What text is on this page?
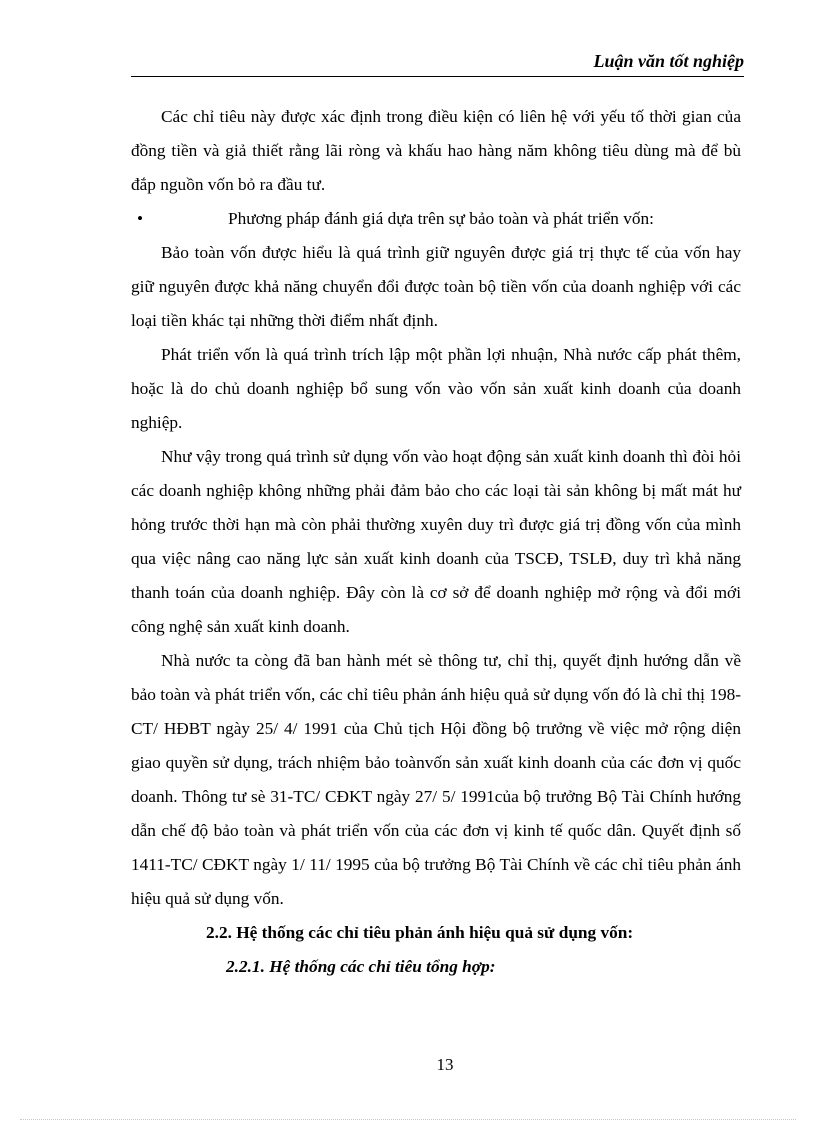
Luận văn tốt nghiệp

Các chỉ tiêu này được xác định trong điều kiện có liên hệ với yếu tố thời gian của đồng tiền và giả thiết rằng lãi ròng và khấu hao hàng năm không tiêu dùng mà để bù đắp nguồn vốn bỏ ra đầu tư.

•	Phương pháp đánh giá dựa trên sự bảo toàn và phát triển vốn:

Bảo toàn vốn được hiểu là quá trình giữ nguyên được giá trị thực tế của vốn hay giữ nguyên được khả năng chuyển đổi được toàn bộ tiền vốn của doanh nghiệp với các loại tiền khác tại những thời điểm nhất định.

Phát triển vốn là quá trình trích lập một phần lợi nhuận, Nhà nước cấp phát thêm, hoặc là do chủ doanh nghiệp bổ sung vốn vào vốn sản xuất kinh doanh của doanh nghiệp.

Như vậy trong quá trình sử dụng vốn vào hoạt động sản xuất kinh doanh thì đòi hỏi các doanh nghiệp không những phải đảm bảo cho các loại tài sản không bị mất mát hư hỏng trước thời hạn mà còn phải thường xuyên duy trì được giá trị đồng vốn của mình qua việc nâng cao năng lực sản xuất kinh doanh của TSCĐ, TSLĐ, duy trì khả năng thanh toán của doanh nghiệp. Đây còn là cơ sở để doanh nghiệp mở rộng và đổi mới công nghệ sản xuất kinh doanh.

Nhà nước ta còng đã ban hành mét sè thông tư, chỉ thị, quyết định hướng dẫn về bảo toàn và phát triển vốn, các chỉ tiêu phản ánh hiệu quả sử dụng vốn đó là chỉ thị 198- CT/ HĐBT ngày 25/ 4/ 1991 của Chủ tịch Hội đồng bộ trưởng về việc mở rộng diện giao quyền sử dụng, trách nhiệm bảo toànvốn sản xuất kinh doanh của các đơn vị quốc doanh. Thông tư sè 31-TC/ CĐKT ngày 27/ 5/ 1991của bộ trưởng Bộ Tài Chính hướng dẫn chế độ bảo toàn và phát triển vốn của các đơn vị kinh tế quốc dân. Quyết định số 1411-TC/ CĐKT ngày 1/ 11/ 1995 của bộ trưởng Bộ Tài Chính về các chỉ tiêu phản ánh hiệu quả sử dụng vốn.

2.2. Hệ thống các chỉ tiêu phản ánh hiệu quả sử dụng vốn:

2.2.1. Hệ thống các chỉ tiêu tổng hợp:

13
